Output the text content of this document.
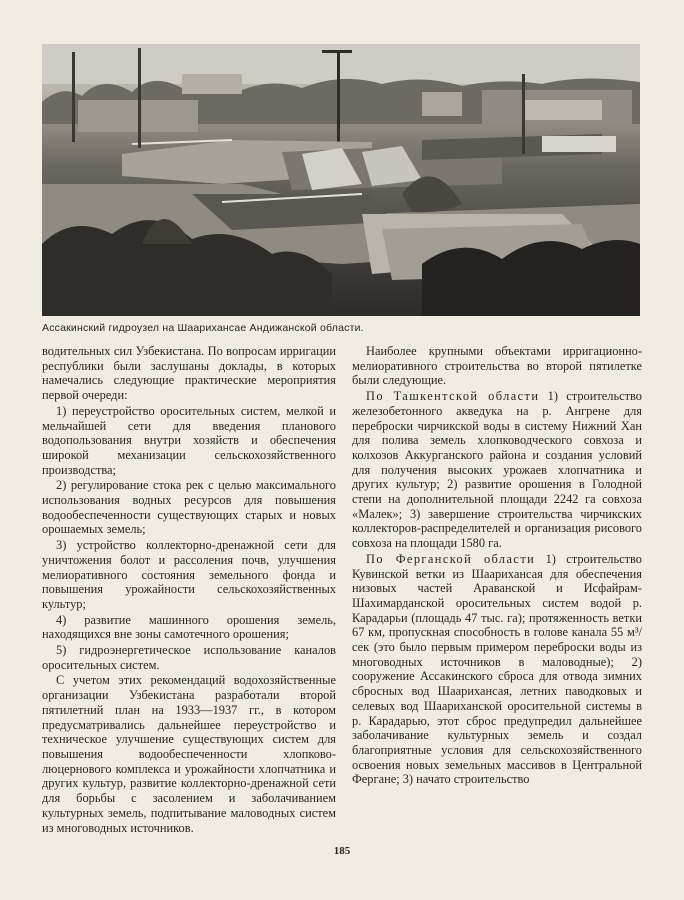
Ассакинский гидроузел на Шаарихансае Андижанской области.

водительных сил Узбекистана. По вопросам ирригации республики были заслушаны доклады, в которых намечались следующие практические мероприятия первой очереди:

1) переустройство оросительных систем, мелкой и мельчайшей сети для введения планового водопользования внутри хозяйств и обеспечения широкой механизации сельскохозяйственного производства;

2) регулирование стока рек с целью максимального использования водных ресурсов для повышения водообеспеченности существующих старых и новых орошаемых земель;

3) устройство коллекторно-дренажной сети для уничтожения болот и рассоления почв, улучшения мелиоративного состояния земельного фонда и повышения урожайности сельскохозяйственных культур;

4) развитие машинного орошения земель, находящихся вне зоны самотечного орошения;

5) гидроэнергетическое использование каналов оросительных систем.

С учетом этих рекомендаций водохозяйственные организации Узбекистана разработали второй пятилетний план на 1933—1937 гг., в котором предусматривались дальнейшее переустройство и техническое улучшение существующих систем для повышения водообеспеченности хлопково-люцернового комплекса и урожайности хлопчатника и других культур, развитие коллекторно-дренажной сети для борьбы с засолением и заболачиванием культурных земель, подпитывание маловодных систем из многоводных источников.

Наиболее крупными объектами ирригационно-мелиоративного строительства во второй пятилетке были следующие.

По Ташкентской области 1) строительство железобетонного акведука на р. Ангрене для переброски чирчикской воды в систему Нижний Хан для полива земель хлопководческого совхоза и колхозов Аккурганского района и создания условий для получения высоких урожаев хлопчатника и других культур; 2) развитие орошения в Голодной степи на дополнительной площади 2242 га совхоза «Малек»; 3) завершение строительства чирчикских коллекторов-распределителей и организация рисового совхоза на площади 1580 га.

По Ферганской области 1) строительство Кувинской ветки из Шаарихансая для обеспечения низовых частей Араванской и Исфайрам-Шахимарданской оросительных систем водой р. Карадарьи (площадь 47 тыс. га); протяженность ветки 67 км, пропускная способность в голове канала 55 м³/сек (это было первым примером переброски воды из многоводных источников в маловодные); 2) сооружение Ассакинского сброса для отвода зимних сбросных вод Шаарихансая, летних паводковых и селевых вод Шаариханской оросительной системы в р. Карадарью, этот сброс предупредил дальнейшее заболачивание культурных земель и создал благоприятные условия для сельскохозяйственного освоения новых земельных массивов в Центральной Фергане; 3) начато строительство

185
